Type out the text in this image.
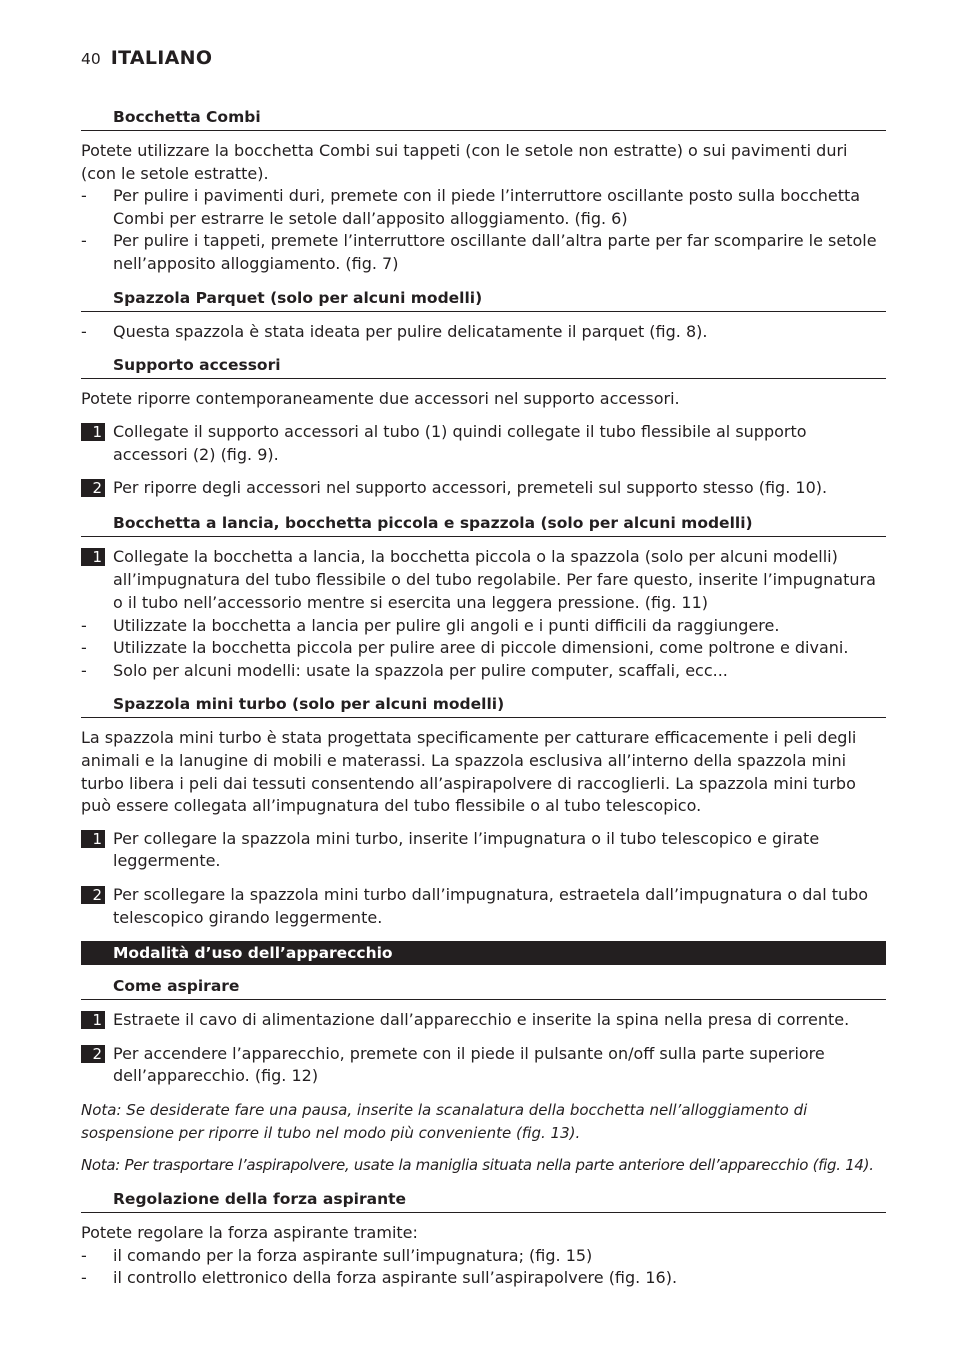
40 ITALIANO
Bocchetta Combi
Potete utilizzare la bocchetta Combi sui tappeti (con le setole non estratte) o sui pavimenti duri (con le setole estratte).
-	Per pulire i pavimenti duri, premete con il piede l’interruttore oscillante posto sulla bocchetta Combi per estrarre le setole dall’apposito alloggiamento. (fig. 6)
-	Per pulire i tappeti, premete l’interruttore oscillante dall’altra parte per far scomparire le setole nell’apposito alloggiamento. (fig. 7)
Spazzola Parquet (solo per alcuni modelli)
-	Questa spazzola è stata ideata per pulire delicatamente il parquet (fig. 8).
Supporto accessori
Potete riporre contemporaneamente due accessori nel supporto accessori.
1 Collegate il supporto accessori al tubo (1) quindi collegate il tubo flessibile al supporto accessori (2) (fig. 9).
2 Per riporre degli accessori nel supporto accessori, premeteli sul supporto stesso (fig. 10).
Bocchetta a lancia, bocchetta piccola e spazzola (solo per alcuni modelli)
1 Collegate la bocchetta a lancia, la bocchetta piccola o la spazzola (solo per alcuni modelli) all’impugnatura del tubo flessibile o del tubo regolabile. Per fare questo, inserite l’impugnatura o il tubo nell’accessorio mentre si esercita una leggera pressione. (fig. 11)
-	Utilizzate la bocchetta a lancia per pulire gli angoli e i punti difficili da raggiungere.
-	Utilizzate la bocchetta piccola per pulire aree di piccole dimensioni, come poltrone e divani.
-	Solo per alcuni modelli: usate la spazzola per pulire computer, scaffali, ecc...
Spazzola mini turbo (solo per alcuni modelli)
La spazzola mini turbo è stata progettata specificamente per catturare efficacemente i peli degli animali e la lanugine di mobili e materassi. La spazzola esclusiva all’interno della spazzola mini turbo libera i peli dai tessuti consentendo all’aspirapolvere di raccoglierli. La spazzola mini turbo può essere collegata all’impugnatura del tubo flessibile o al tubo telescopico.
1 Per collegare la spazzola mini turbo, inserite l’impugnatura o il tubo telescopico e girate leggermente.
2 Per scollegare la spazzola mini turbo dall’impugnatura, estraetela dall’impugnatura o dal tubo telescopico girando leggermente.
Modalità d’uso dell’apparecchio
Come aspirare
1 Estraete il cavo di alimentazione dall’apparecchio e inserite la spina nella presa di corrente.
2 Per accendere l’apparecchio, premete con il piede il pulsante on/off sulla parte superiore dell’apparecchio. (fig. 12)
Nota: Se desiderate fare una pausa, inserite la scanalatura della bocchetta nell’alloggiamento di sospensione per riporre il tubo nel modo più conveniente (fig. 13).
Nota: Per trasportare l’aspirapolvere, usate la maniglia situata nella parte anteriore dell’apparecchio (fig. 14).
Regolazione della forza aspirante
Potete regolare la forza aspirante tramite:
-	il comando per la forza aspirante sull’impugnatura; (fig. 15)
-	il controllo elettronico della forza aspirante sull’aspirapolvere (fig. 16).
